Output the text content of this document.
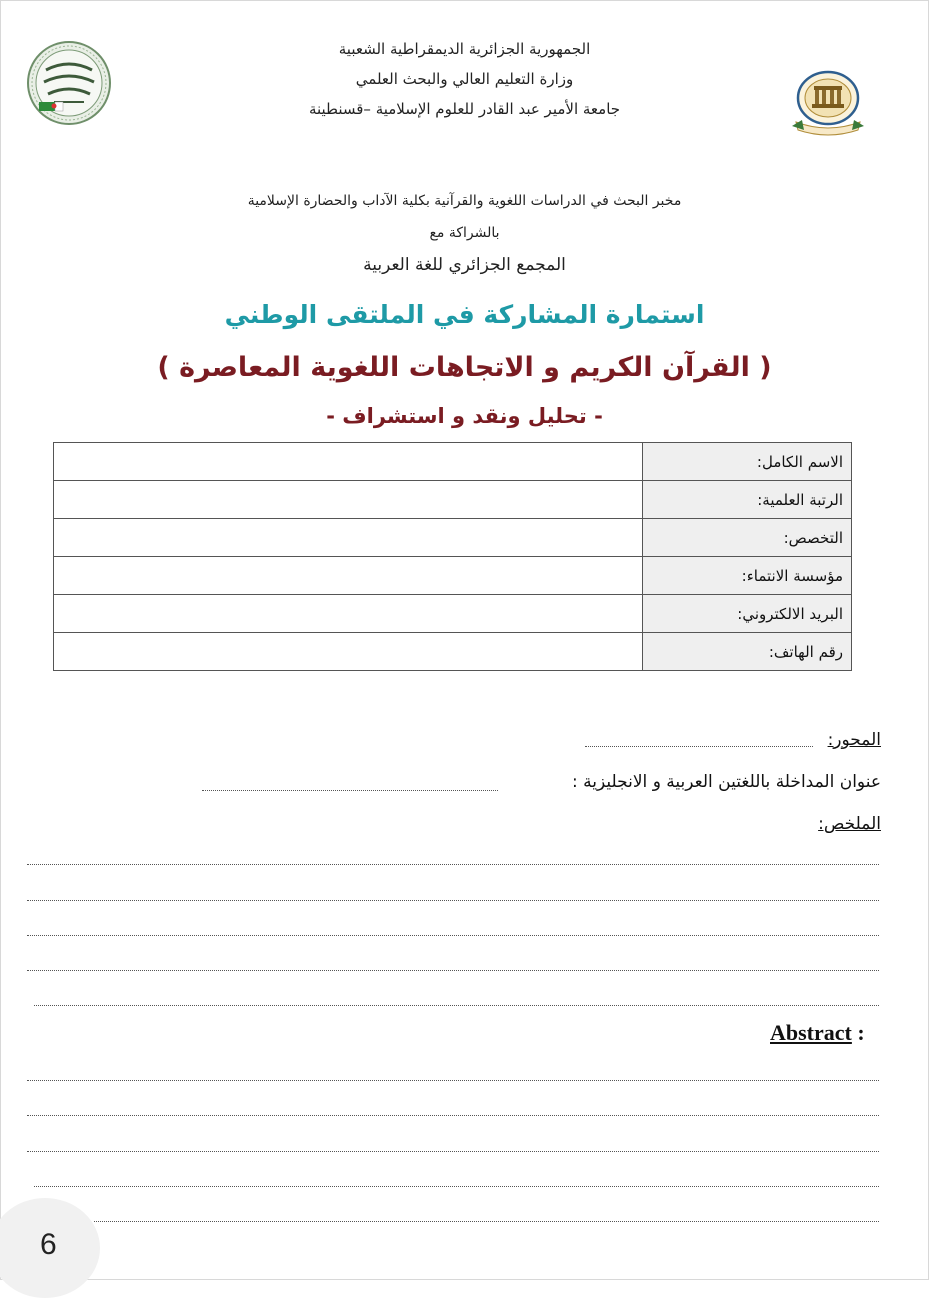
الجمهورية الجزائرية الديمقراطية الشعبية
وزارة التعليم العالي والبحث العلمي
جامعة الأمير عبد القادر للعلوم الإسلامية –قسنطينة
مخبر البحث في الدراسات اللغوية والقرآنية بكلية الآداب والحضارة الإسلامية
بالشراكة مع
المجمع الجزائري للغة العربية
استمارة المشاركة في الملتقى الوطني
( القرآن الكريم و الاتجاهات اللغوية المعاصرة )
- تحليل ونقد و استشراف -
الاسم الكامل:	
الرتبة العلمية:	
التخصص:	
مؤسسة الانتماء:	
البريد الالكتروني:	
رقم الهاتف:	
المحور:
عنوان المداخلة باللغتين العربية و الانجليزية :
الملخص:
Abstract :
6
